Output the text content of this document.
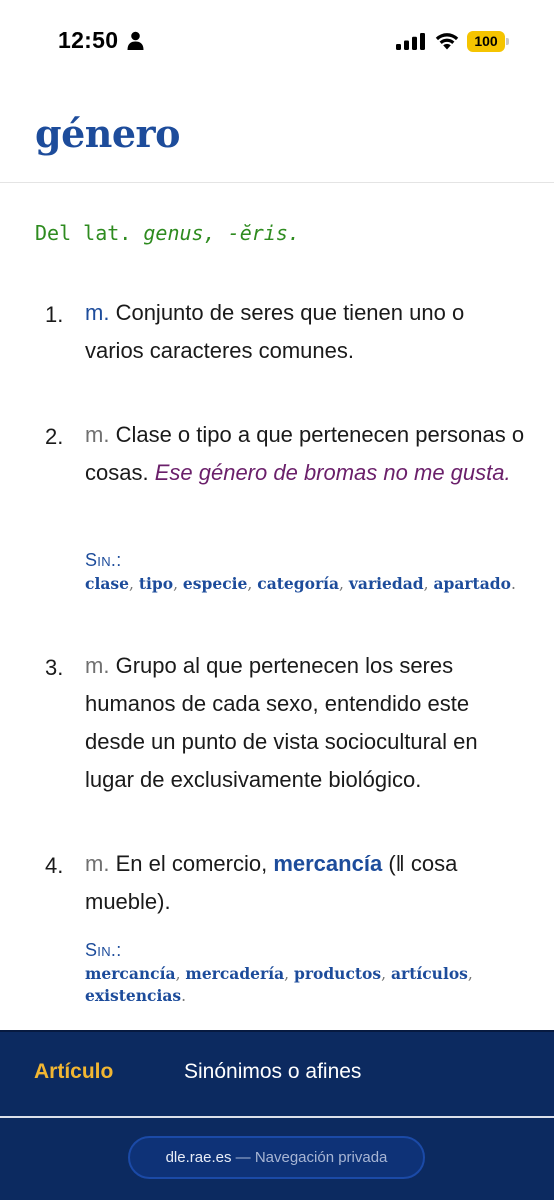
12:50	100
género
Del lat. genus, -ĕris.
1. m. Conjunto de seres que tienen uno o varios caracteres comunes.
2. m. Clase o tipo a que pertenecen personas o cosas. Ese género de bromas no me gusta.
Sin.:
clase, tipo, especie, categoría, variedad, apartado.
3. m. Grupo al que pertenecen los seres humanos de cada sexo, entendido este desde un punto de vista sociocultural en lugar de exclusivamente biológico.
4. m. En el comercio, mercancía (‖ cosa mueble).
Sin.:
mercancía, mercadería, productos, artículos, existencias.
Artículo	Sinónimos o afines
dle.rae.es — Navegación privada
